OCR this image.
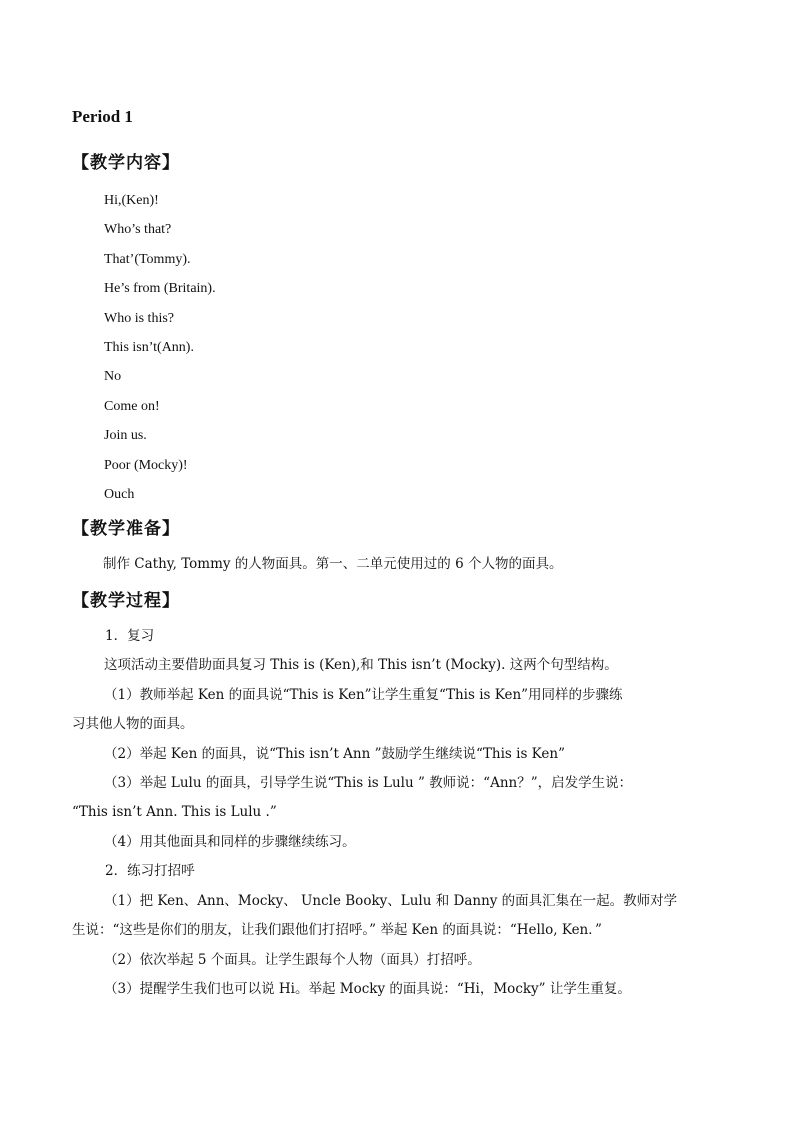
Period 1
【教学内容】
Hi,(Ken)!
Who’s that?
That’(Tommy).
He’s from (Britain).
Who is this?
This isn’t(Ann).
No
Come on!
Join us.
Poor (Mocky)!
Ouch
【教学准备】
制作 Cathy, Tommy 的人物面具。第一、二单元使用过的 6 个人物的面具。
【教学过程】
1．复习
这项活动主要借助面具复习 This is (Ken),和 This isn’t (Mocky). 这两个句型结构。
（1）教师举起 Ken 的面具说“This is Ken”让学生重复“This is Ken”用同样的步骤练
习其他人物的面具。
（2）举起 Ken 的面具，说“This isn’t Ann ”鼓励学生继续说“This is Ken”
（3）举起 Lulu 的面具，引导学生说“This is Lulu ” 教师说：“Ann？”，启发学生说：
“This isn’t Ann. This is Lulu .”
（4）用其他面具和同样的步骤继续练习。
2．练习打招呼
（1）把 Ken、Ann、Mocky、 Uncle Booky、Lulu 和 Danny 的面具汇集在一起。教师对学
生说：“这些是你们的朋友，让我们跟他们打招呼。” 举起 Ken 的面具说：“Hello, Ken．”
（2）依次举起 5 个面具。让学生跟每个人物（面具）打招呼。
（3）提醒学生我们也可以说 Hi。举起 Mocky 的面具说：“Hi，Mocky” 让学生重复。
